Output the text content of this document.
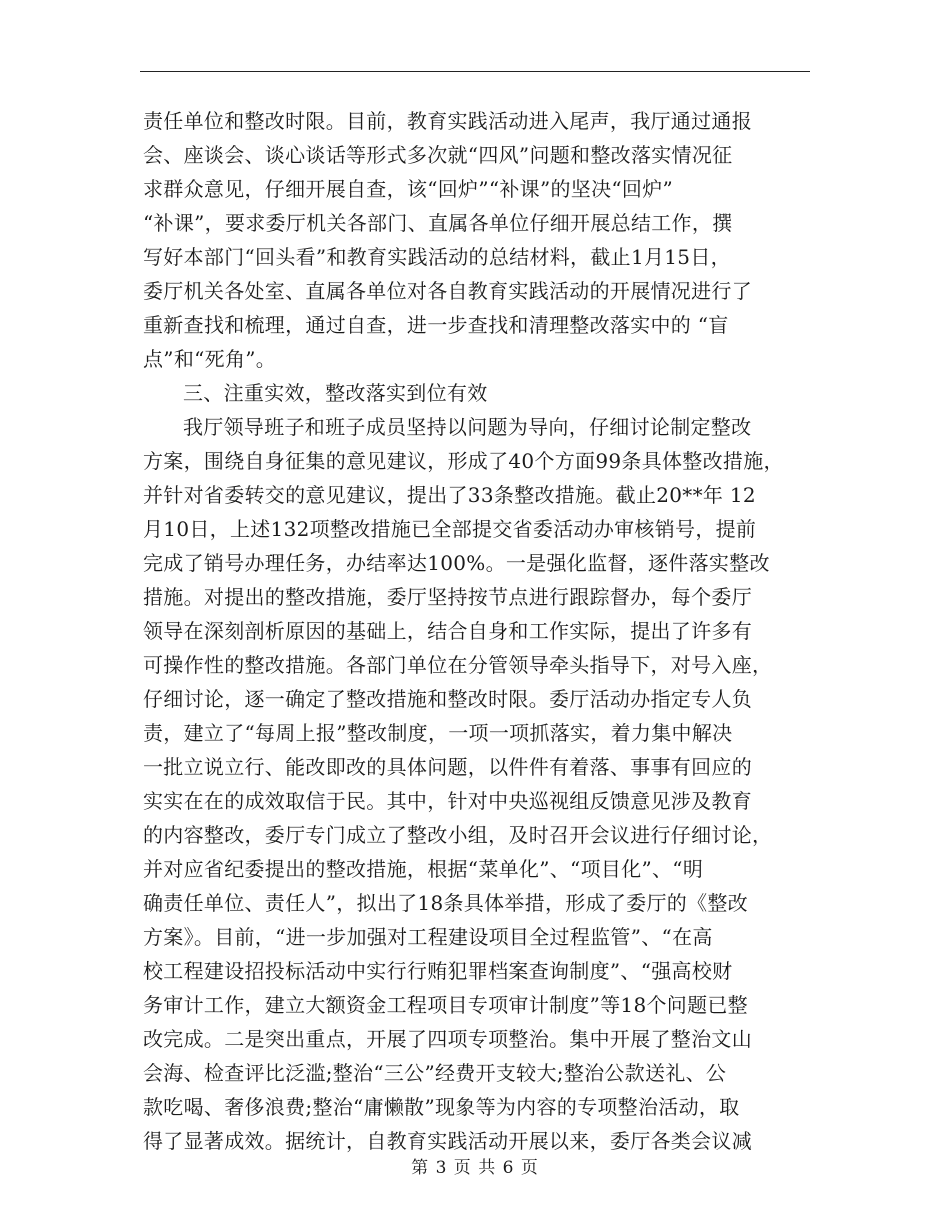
责任单位和整改时限。目前，教育实践活动进入尾声，我厅通过通报
会、座谈会、谈心谈话等形式多次就“四风”问题和整改落实情况征
求群众意见，仔细开展自查，该“回炉”“补课”的坚决“回炉”
“补课”，要求委厅机关各部门、直属各单位仔细开展总结工作，撰
写好本部门“回头看”和教育实践活动的总结材料，截止1月15日，
委厅机关各处室、直属各单位对各自教育实践活动的开展情况进行了
重新查找和梳理，通过自查，进一步查找和清理整改落实中的 “盲
点”和“死角”。
三、注重实效，整改落实到位有效
我厅领导班子和班子成员坚持以问题为导向，仔细讨论制定整改
方案，围绕自身征集的意见建议，形成了40个方面99条具体整改措施，
并针对省委转交的意见建议，提出了33条整改措施。截止20**年 12
月10日，上述132项整改措施已全部提交省委活动办审核销号，提前
完成了销号办理任务，办结率达100%。一是强化监督，逐件落实整改
措施。对提出的整改措施，委厅坚持按节点进行跟踪督办，每个委厅
领导在深刻剖析原因的基础上，结合自身和工作实际，提出了许多有
可操作性的整改措施。各部门单位在分管领导牵头指导下，对号入座，
仔细讨论，逐一确定了整改措施和整改时限。委厅活动办指定专人负
责，建立了“每周上报”整改制度，一项一项抓落实，着力集中解决
一批立说立行、能改即改的具体问题，以件件有着落、事事有回应的
实实在在的成效取信于民。其中，针对中央巡视组反馈意见涉及教育
的内容整改，委厅专门成立了整改小组，及时召开会议进行仔细讨论，
并对应省纪委提出的整改措施，根据“菜单化”、“项目化”、“明
确责任单位、责任人”，拟出了18条具体举措，形成了委厅的《整改
方案》。目前，“进一步加强对工程建设项目全过程监管”、“在高
校工程建设招投标活动中实行行贿犯罪档案查询制度”、“强高校财
务审计工作，建立大额资金工程项目专项审计制度”等18个问题已整
改完成。二是突出重点，开展了四项专项整治。集中开展了整治文山
会海、检查评比泛滥;整治“三公”经费开支较大;整治公款送礼、公
款吃喝、奢侈浪费;整治“庸懒散”现象等为内容的专项整治活动，取
得了显著成效。据统计，自教育实践活动开展以来，委厅各类会议减
第 3 页 共 6 页
